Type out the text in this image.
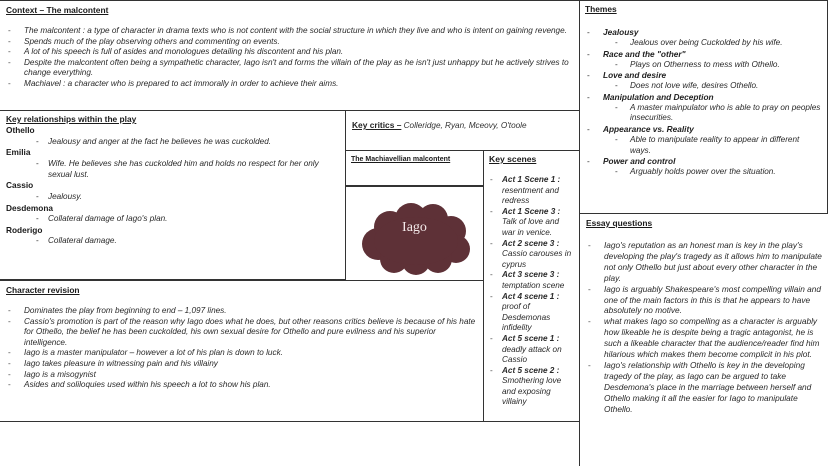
Context – The malcontent
- The malcontent : a type of character in drama texts who is not content with the social structure in which they live and who is intent on gaining revenge.
- Spends much of the play observing others and commenting on events.
- A lot of his speech is full of asides and monologues detailing his discontent and his plan.
- Despite the malcontent often being a sympathetic character, Iago isn't and forms the villain of the play as he isn't just unhappy but he actively strives to change everything.
- Machiavel : a character who is prepared to act immorally in order to achieve their aims.
Themes
- Jealousy
- Jealous over being Cuckolded by his wife.
- Race and the "other"
- Plays on Otherness to mess with Othello.
- Love and desire
- Does not love wife, desires Othello.
- Manipulation and Deception
- A master mainpulator who is able to pray on peoples insecurities.
- Appearance vs. Reality
- Able to manipulate reality to appear in different ways.
- Power and control
- Arguably holds power over the situation.
Key relationships within the play
Othello
- Jealousy and anger at the fact he believes he was cuckolded.
Emilia
- Wife. He believes she has cuckolded him and holds no respect for her only sexual lust.
Cassio
- Jealousy.
Desdemona
- Collateral damage of Iago's plan.
Roderigo
- Collateral damage.
Key critics – Colleridge, Ryan, Mceovy, O'toole
The Machiavellian malcontent
Iago
Key scenes
- Act 1 Scene 1 :
resentment and redress
- Act 1 Scene 3 :
Talk of love and war in venice.
- Act 2 scene 3 :
Cassio carouses in cyprus
- Act 3 scene 3 :
temptation scene
- Act 4 scene 1 :
proof of Desdemonas infidelity
- Act 5 scene 1 :
deadly attack on Cassio
- Act 5 scene 2 :
Smothering love and exposing villainy
Character revision
- Dominates the play from beginning to end – 1,097 lines.
- Cassio's promotion is part of the reason why Iago does what he does, but other reasons critics believe is because of his hate for Othello, the belief he has been cuckolded, his own sexual desire for Othello and pure evilness and his superior intelligence.
- Iago is a master manipulator – however a lot of his plan is down to luck.
- Iago takes pleasure in witnessing pain and his villainy
- Iago is a misogynist
- Asides and soliloquies used within his speech a lot to show his plan.
Essay questions
- Iago's reputation as an honest man is key in the play's developing the play's tragedy as it allows him to manipulate not only Othello but just about every other character in the play.
- Iago is arguably Shakespeare's most compelling villain and one of the main factors in this is that he appears to have absolutely no motive.
- what makes Iago so compelling as a character is arguably how likeable he is despite being a tragic antagonist, he is such a likeable character that the audience/reader find him hilarious which makes them become complicit in his plot.
- Iago's relationship with Othello is key in the developing tragedy of the play, as Iago can be argued to take Desdemona's place in the marriage between herself and Othello making it all the easier for Iago to manipulate Othello.
